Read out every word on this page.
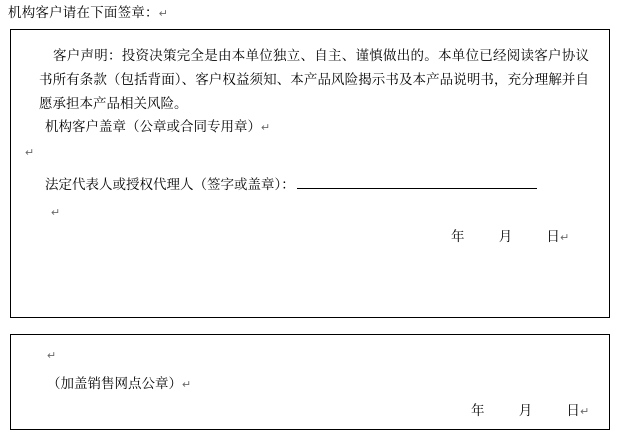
机构客户请在下面签章：↵
客户声明：投资决策完全是由本单位独立、自主、谨慎做出的。本单位已经阅读客户协议书所有条款（包括背面）、客户权益须知、本产品风险揭示书及本产品说明书，充分理解并自愿承担本产品相关风险。
机构客户盖章（公章或合同专用章）↵
↵
法定代表人或授权代理人（签字或盖章）：
↵
年	月	日↵
↵
（加盖销售网点公章）↵
年	月	日↵
